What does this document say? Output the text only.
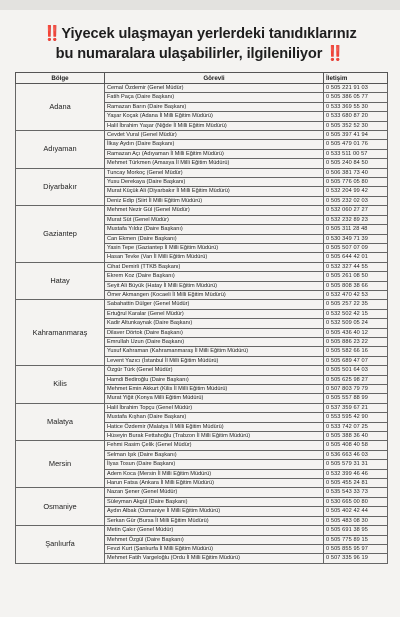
‼️Yiyecek ulaşmayan yerlerdeki tanıdıklarınız
bu numaralara ulaşabilirler, ilgileniliyor ‼️
Bölge	Görevli	İletişim
Adana	Cemal Özdemir (Genel Müdür)	0 505 221 91 03
	Fatih Paça (Daire Başkanı)	0 505 386 05 77
	Ramazan Barın (Daire Başkanı)	0 533 369 55 30
	Yaşar Koçak (Adana İl Milli Eğitim Müdürü)	0 533 680 87 20
	Halil İbrahim Yaşar (Niğde İl Milli Eğitim Müdürü)	0 505 352 52 30
Adıyaman	Cevdet Vural (Genel Müdür)	0 505 397 41 94
	İlkay Aydın (Daire Başkanı)	0 505 479 01 76
	Ramazan Açı (Adıyaman İl Milli Eğitim Müdürü)	0 533 511 00 57
	Mehmet Türkmen (Amasya İl Milli Eğitim Müdürü)	0 505 240 84 50
Diyarbakır	Tuncay Morkoç (Genel Müdür)	0 506 381 73 40
	Yusu Derekaya (Daire Başkanı)	0 505 776 05 80
	Murat Küçük Ali (Diyarbakır İl Milli Eğitim Müdürü)	0 532 204 99 42
	Deniz Edip (Siirt İl Milli Eğitim Müdürü)	0 505 232 02 03
Gaziantep	Mehmet Nezir Gül (Genel Müdür)	0 532 060 27 27
	Murat Süt (Genel Müdür)	0 532 232 89 23
	Mustafa Yıldız (Daire Başkanı)	0 505 311 28 48
	Can Ekmen (Daire Başkanı)	0 530 349 71 39
	Yasin Tepe (Gaziantep İl Milli Eğitim Müdürü)	0 505 507 07 09
	Hasan Tevke (Van İl Milli Eğitim Müdürü)	0 505 644 42 01
Hatay	Cihat Demirli (TTKB Başkanı)	0 532 327 44 55
	Ekrem Koz (Daire Başkanı)	0 505 261 08 50
	Seyit Ali Büyük (Hatay İl Milli Eğitim Müdürü)	0 505 808 38 66
	Ömer Akmangen (Kocaeli İl Milli Eğitim Müdürü)	0 532 470 42 53
Kahramanmaraş	Sabahattin Dülger (Genel Müdür)	0 505 257 22 35
	Ertuğrul Karalar (Genel Müdür)	0 532 502 42 15
	Kadir Altunkaynak (Daire Başkanı)	0 532 509 05 24
	Dilaver Dörtok (Daire Başkanı)	0 505 436 40 12
	Emrullah Uzun (Daire Başkanı)	0 505 886 23 22
	Yusuf Kahraman (Kahramanmaraş İl Milli Eğitim Müdürü)	0 505 582 66 16
	Levent Yazıcı (İstanbul İl Milli Eğitim Müdürü)	0 505 689 47 07
Kilis	Özgür Türk (Genel Müdür)	0 505 501 64 03
	Hamdi Bediroğlu (Daire Başkanı)	0 505 625 98 27
	Mehmet Emin Akkurt (Kilis İl Milli Eğitim Müdürü)	0 507 803 79 79
	Murat Yiğit (Konya Milli Eğitim Müdürü)	0 505 557 88 99
Malatya	Halil İbrahim Topçu (Genel Müdür)	0 537 359 67 21
	Mustafa Kışhan (Daire Başkanı)	0 553 595 42 90
	Hatice Özdemir (Malatya İl Milli Eğitim Müdürü)	0 533 742 07 25
	Hüseyin Burak Fettahoğlu (Trabzon İl Milli Eğitim Müdürü)	0 505 388 36 40
Mersin	Fehmi Rasim Çelik (Genel Müdür)	0 505 408 40 58
	Selman Işık (Daire Başkanı)	0 536 663 46 03
	İlyas Tosun (Daire Başkanı)	0 505 579 31 31
	Adem Koca (Mersin İl Milli Eğitim Müdürü)	0 532 399 46 46
	Harun Fatsa (Ankara İl Milli Eğitim Müdürü)	0 505 455 24 81
Osmaniye	Nazan Şener (Genel Müdür)	0 535 543 33 73
	Süleyman Akgül (Daire Başkanı)	0 530 665 00 80
	Aydın Albak (Osmaniye İl Milli Eğitim Müdürü)	0 505 402 42 44
	Serkan Gür (Bursa İl Milli Eğitim Müdürü)	0 505 483 08 30
Şanlıurfa	Metin Çakır (Genel Müdür)	0 505 691 38 95
	Mehmet Özgül (Daire Başkanı)	0 505 775 89 15
	Fevzi Kurt (Şanlıurfa İl Milli Eğitim Müdürü)	0 505 855 95 97
	Mehmet Fatih Vargeloğlu (Ordu İl Milli Eğitim Müdürü)	0 507 335 96 19
